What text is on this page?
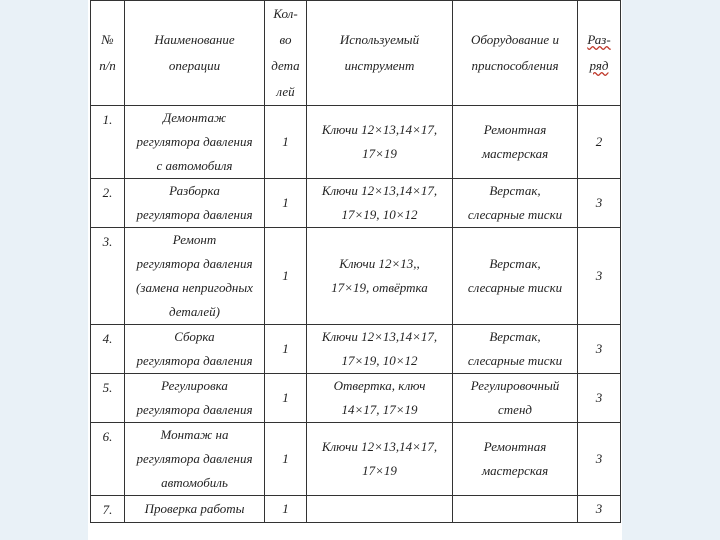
№
п/п	Наименование
операции	Кол-
во
дета
лей	Используемый
инструмент	Оборудование и
приспособления	Раз-
ряд

1.	Демонтаж
регулятора давления
с автомобиля	1	Ключи 12×13,14×17,
17×19	Ремонтная
мастерская	2
2.	Разборка
регулятора давления	1	Ключи 12×13,14×17,
17×19, 10×12	Верстак,
слесарные тиски	3
3.	Ремонт
регулятора давления
(замена непригодных
деталей)	1	Ключи 12×13,,
17×19, отвёртка	Верстак,
слесарные тиски	3
4.	Сборка
регулятора давления	1	Ключи 12×13,14×17,
17×19, 10×12	Верстак,
слесарные тиски	3
5.	Регулировка
регулятора давления	1	Отвертка, ключ
14×17, 17×19	Регулировочный
стенд	3
6.	Монтаж на
регулятора давления
автомобиль	1	Ключи 12×13,14×17,
17×19	Ремонтная
мастерская	3
7.	Проверка работы	1			3
